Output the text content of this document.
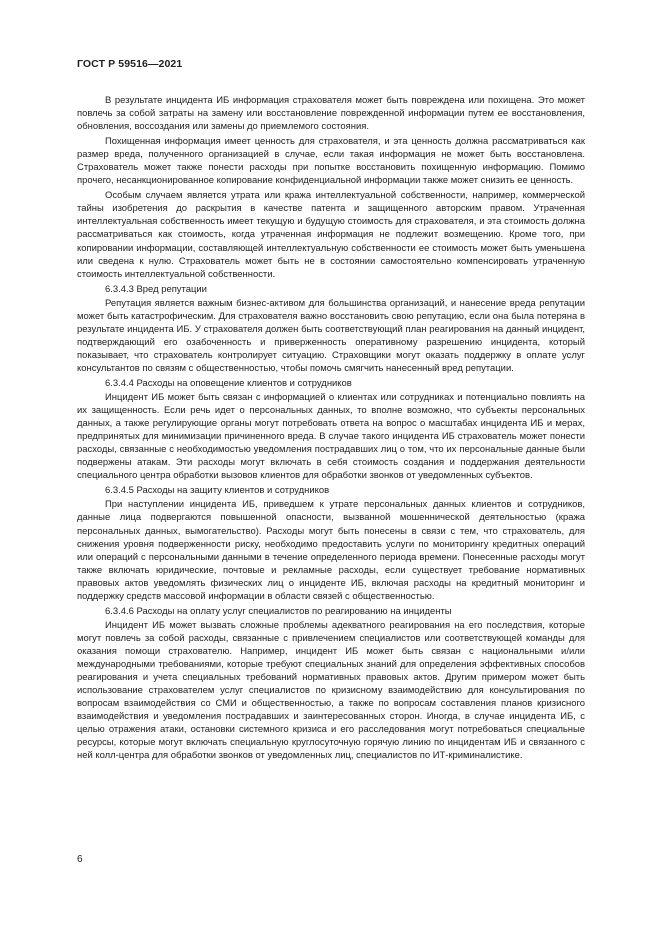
ГОСТ Р 59516—2021

В результате инцидента ИБ информация страхователя может быть повреждена или похищена. Это может повлечь за собой затраты на замену или восстановление поврежденной информации путем ее восстановления, обновления, воссоздания или замены до приемлемого состояния.

Похищенная информация имеет ценность для страхователя, и эта ценность должна рассматриваться как размер вреда, полученного организацией в случае, если такая информация не может быть восстановлена. Страхователь может также понести расходы при попытке восстановить похищенную информацию. Помимо прочего, несанкционированное копирование конфиденциальной информации также может снизить ее ценность.

Особым случаем является утрата или кража интеллектуальной собственности, например, коммерческой тайны изобретения до раскрытия в качестве патента и защищенного авторским правом. Утраченная интеллектуальная собственность имеет текущую и будущую стоимость для страхователя, и эта стоимость должна рассматриваться как стоимость, когда утраченная информация не подлежит возмещению. Кроме того, при копировании информации, составляющей интеллектуальную собственности ее стоимость может быть уменьшена или сведена к нулю. Страхователь может быть не в состоянии самостоятельно компенсировать утраченную стоимость интеллектуальной собственности.

6.3.4.3 Вред репутации

Репутация является важным бизнес-активом для большинства организаций, и нанесение вреда репутации может быть катастрофическим. Для страхователя важно восстановить свою репутацию, если она была потеряна в результате инцидента ИБ. У страхователя должен быть соответствующий план реагирования на данный инцидент, подтверждающий его озабоченность и приверженность оперативному разрешению инцидента, который показывает, что страхователь контролирует ситуацию. Страховщики могут оказать поддержку в оплате услуг консультантов по связям с общественностью, чтобы помочь смягчить нанесенный вред репутации.

6.3.4.4 Расходы на оповещение клиентов и сотрудников

Инцидент ИБ может быть связан с информацией о клиентах или сотрудниках и потенциально повлиять на их защищенность. Если речь идет о персональных данных, то вполне возможно, что субъекты персональных данных, а также регулирующие органы могут потребовать ответа на вопрос о масштабах инцидента ИБ и мерах, предпринятых для минимизации причиненного вреда. В случае такого инцидента ИБ страхователь может понести расходы, связанные с необходимостью уведомления пострадавших лиц о том, что их персональные данные были подвержены атакам. Эти расходы могут включать в себя стоимость создания и поддержания деятельности специального центра обработки вызовов клиентов для обработки звонков от уведомленных субъектов.

6.3.4.5 Расходы на защиту клиентов и сотрудников

При наступлении инцидента ИБ, приведшем к утрате персональных данных клиентов и сотрудников, данные лица подвергаются повышенной опасности, вызванной мошеннической деятельностью (кража персональных данных, вымогательство). Расходы могут быть понесены в связи с тем, что страхователь, для снижения уровня подверженности риску, необходимо предоставить услуги по мониторингу кредитных операций или операций с персональными данными в течение определенного периода времени. Понесенные расходы могут также включать юридические, почтовые и рекламные расходы, если существует требование нормативных правовых актов уведомлять физических лиц о инциденте ИБ, включая расходы на кредитный мониторинг и поддержку средств массовой информации в области связей с общественностью.

6.3.4.6 Расходы на оплату услуг специалистов по реагированию на инциденты

Инцидент ИБ может вызвать сложные проблемы адекватного реагирования на его последствия, которые могут повлечь за собой расходы, связанные с привлечением специалистов или соответствующей команды для оказания помощи страхователю. Например, инцидент ИБ может быть связан с национальными и/или международными требованиями, которые требуют специальных знаний для определения эффективных способов реагирования и учета специальных требований нормативных правовых актов. Другим примером может быть использование страхователем услуг специалистов по кризисному взаимодействию для консультирования по вопросам взаимодействия со СМИ и общественностью, а также по вопросам составления планов кризисного взаимодействия и уведомления пострадавших и заинтересованных сторон. Иногда, в случае инцидента ИБ, с целью отражения атаки, остановки системного кризиса и его расследования могут потребоваться специальные ресурсы, которые могут включать специальную круглосуточную горячую линию по инцидентам ИБ и связанного с ней колл-центра для обработки звонков от уведомленных лиц, специалистов по ИТ-криминалистике.

6
